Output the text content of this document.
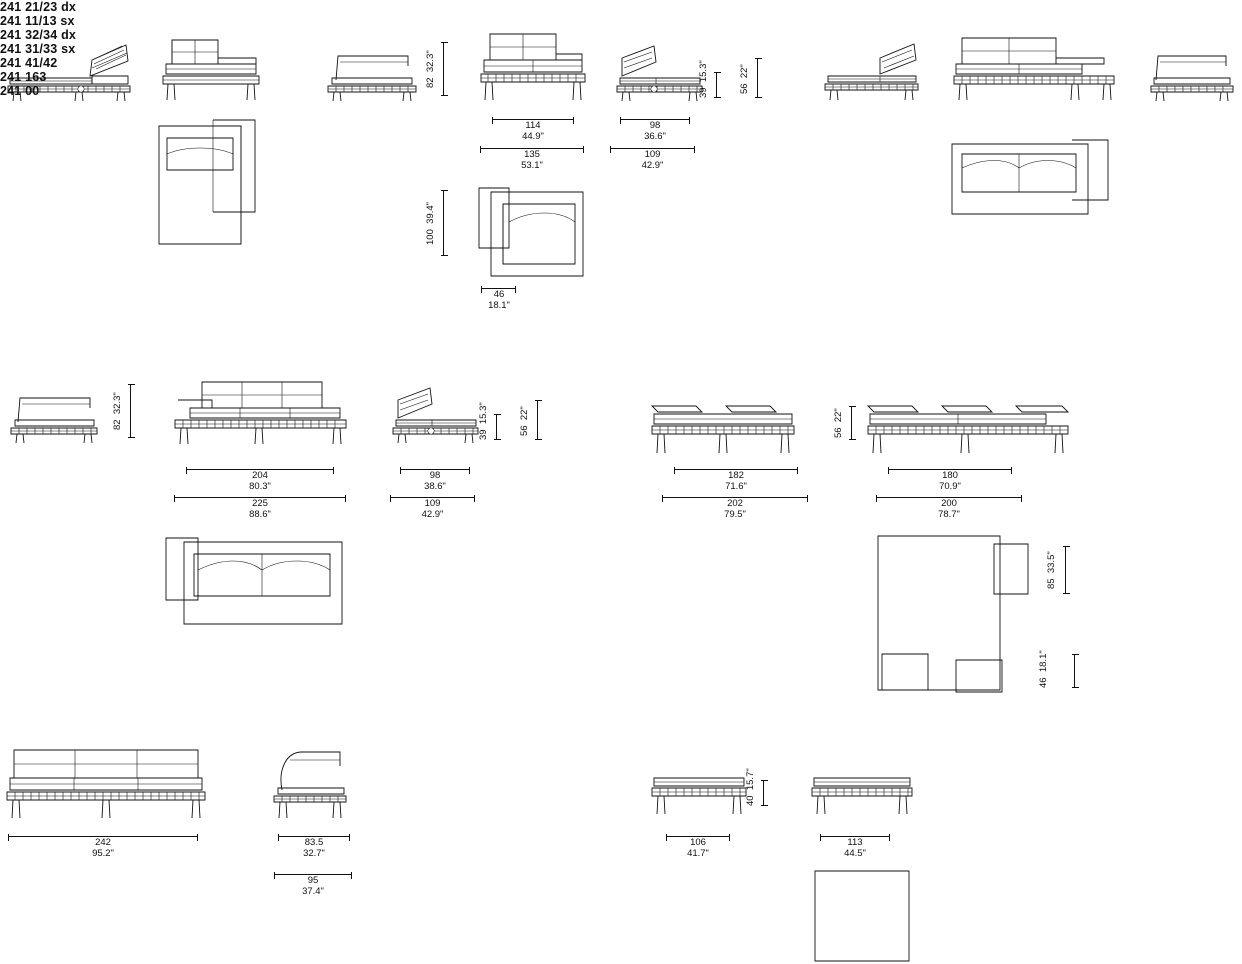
241 21/23 dx
241 11/13 sx
82  32.3"
39  15.3"
56  22"
114
44.9"
135
53.1"
98
36.6"
109
42.9"
100  39.4"
46
18.1"
241 32/34 dx
241 31/33 sx
82  32.3"
39  15.3"
56  22"
204
80.3"
225
88.6"
98
38.6"
109
42.9"
241 41/42
56  22"
182
71.6"
202
79.5"
180
70.9"
200
78.7"
85  33.5"
46  18.1"
241 163
242
95.2"
83.5
32.7"
95
37.4"
241 00
40  15.7"
106
41.7"
113
44.5"
